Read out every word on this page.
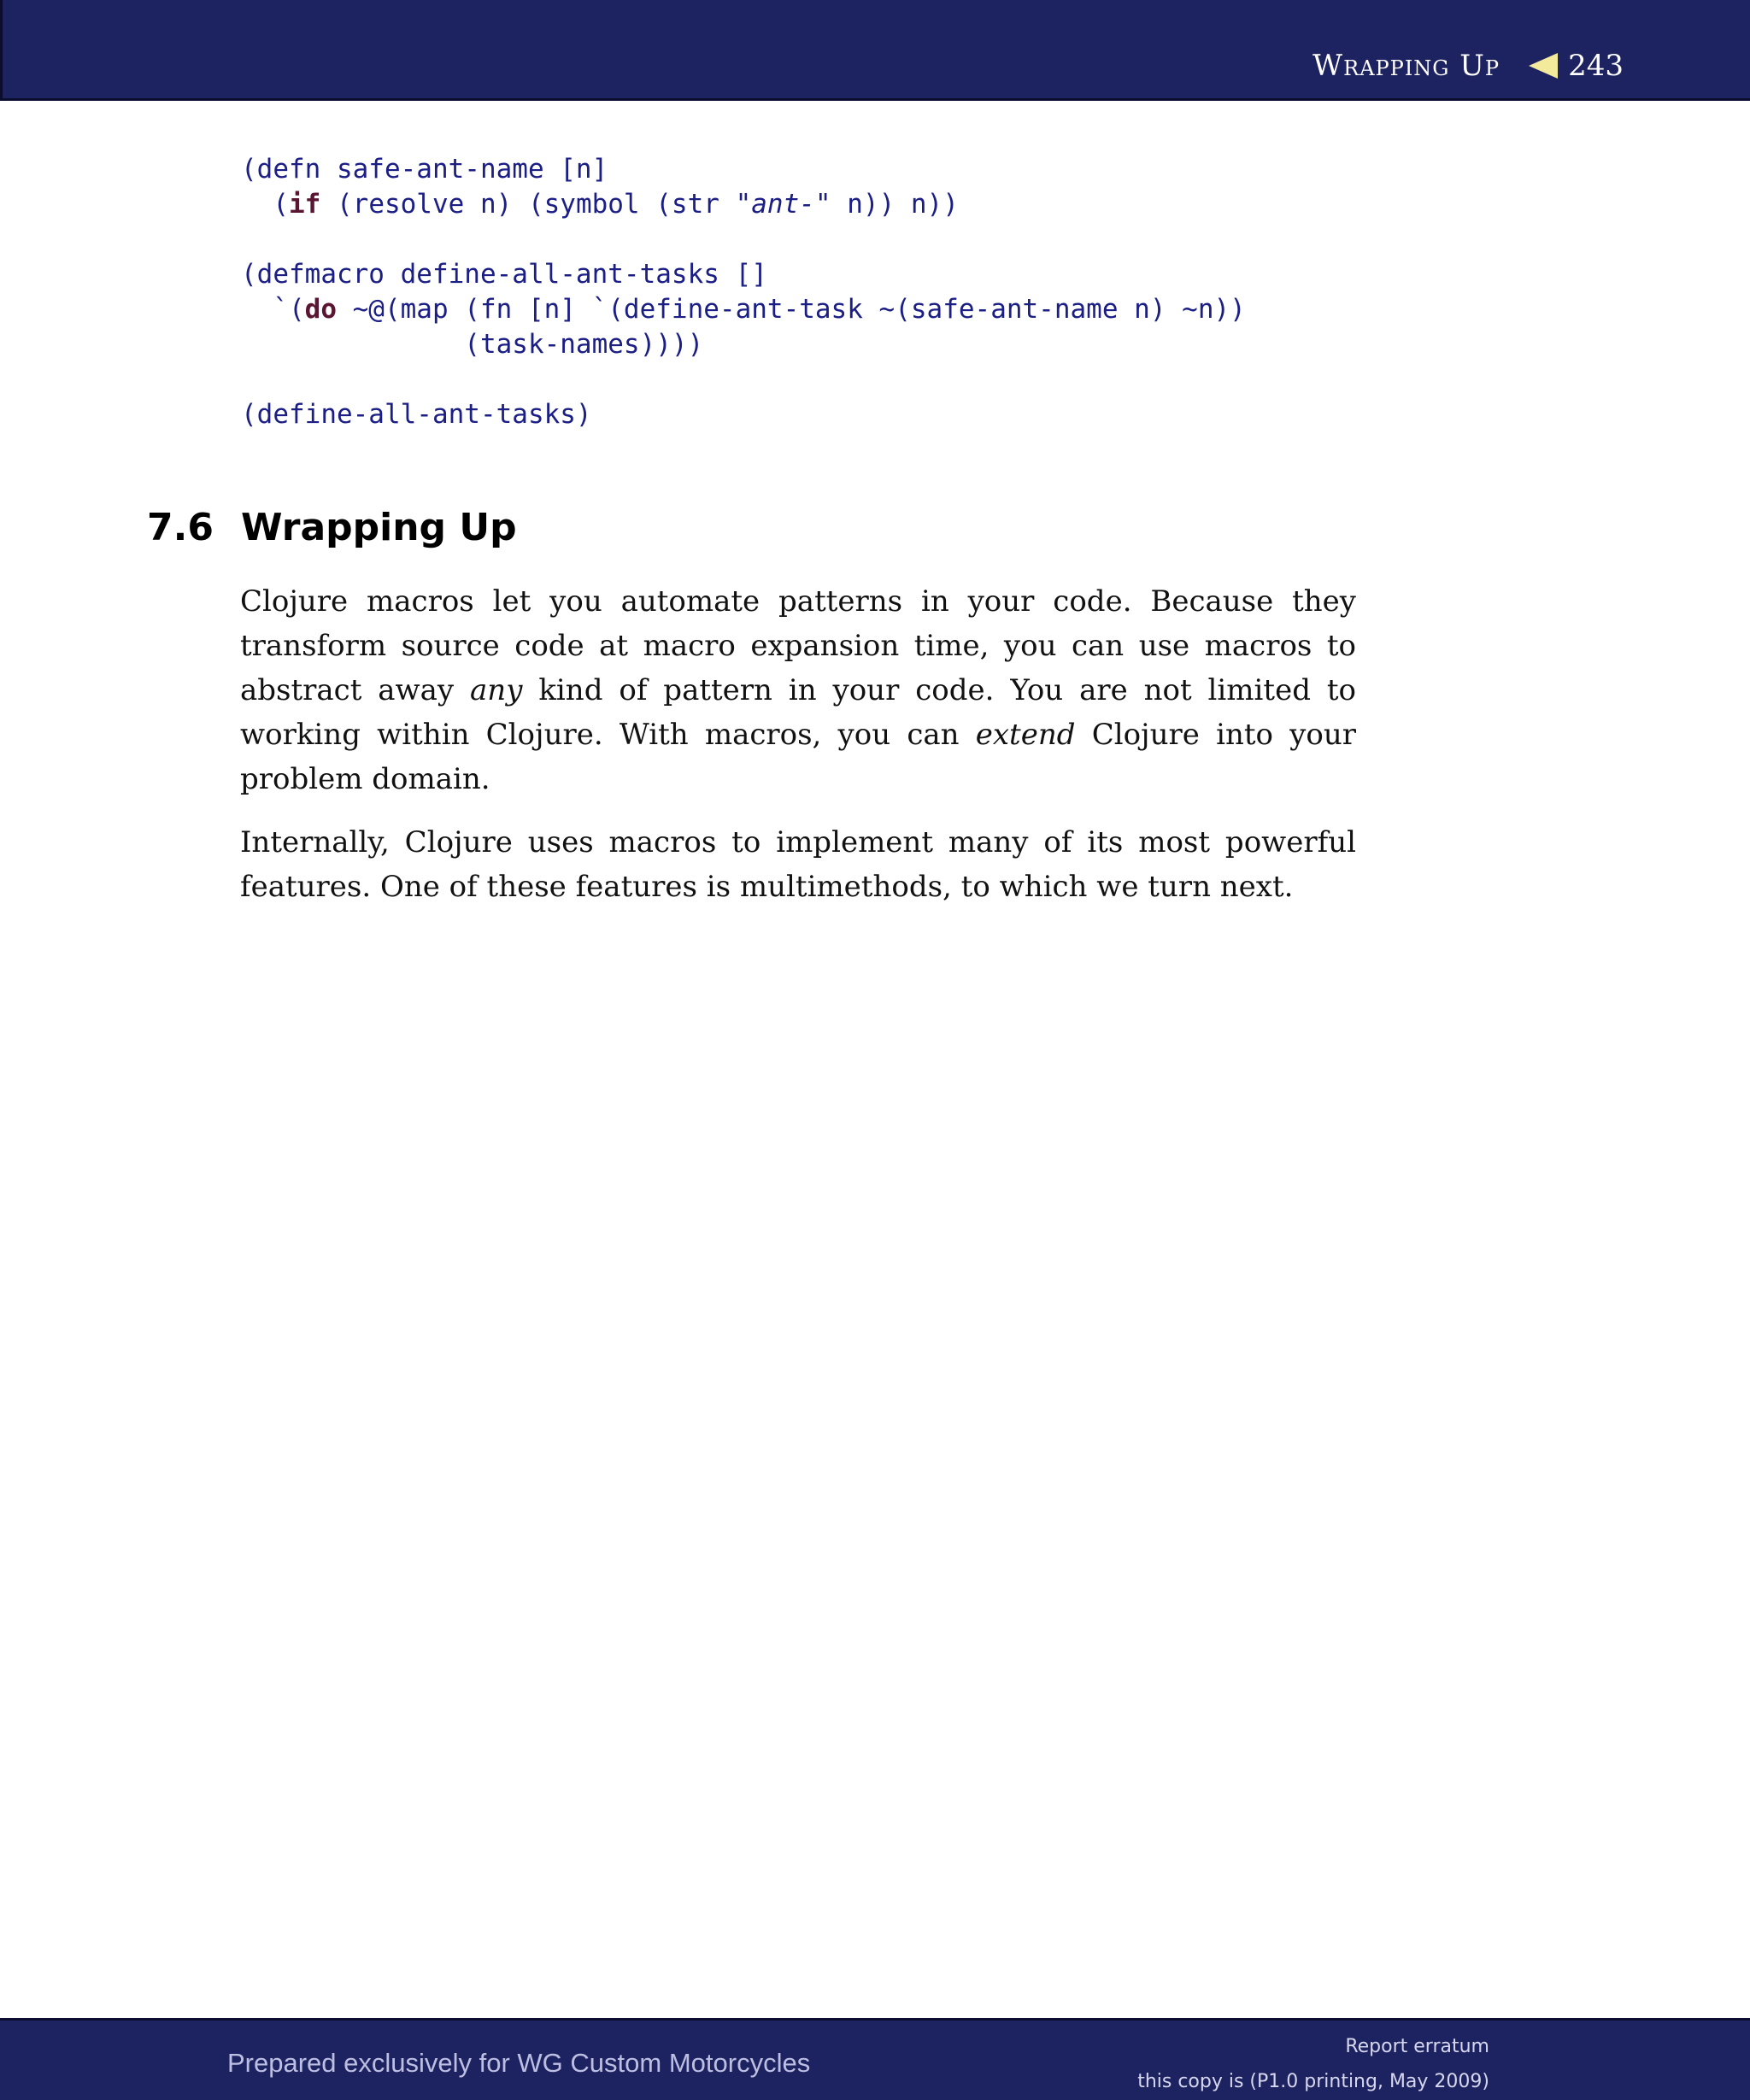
Wrapping Up 243
(defn safe-ant-name [n]
(if (resolve n) (symbol (str "ant-" n)) n))
(defmacro define-all-ant-tasks []
`(do ~@(map (fn [n] `(define-ant-task ~(safe-ant-name n) ~n))
(task-names))))
(define-all-ant-tasks)
7.6 Wrapping Up

Clojure macros let you automate patterns in your code. Because they transform source code at macro expansion time, you can use macros to abstract away any kind of pattern in your code. You are not limited to working within Clojure. With macros, you can extend Clojure into your problem domain.

Internally, Clojure uses macros to implement many of its most powerful features. One of these features is multimethods, to which we turn next.

Prepared exclusively for WG Custom Motorcycles
Report erratum
this copy is (P1.0 printing, May 2009)
